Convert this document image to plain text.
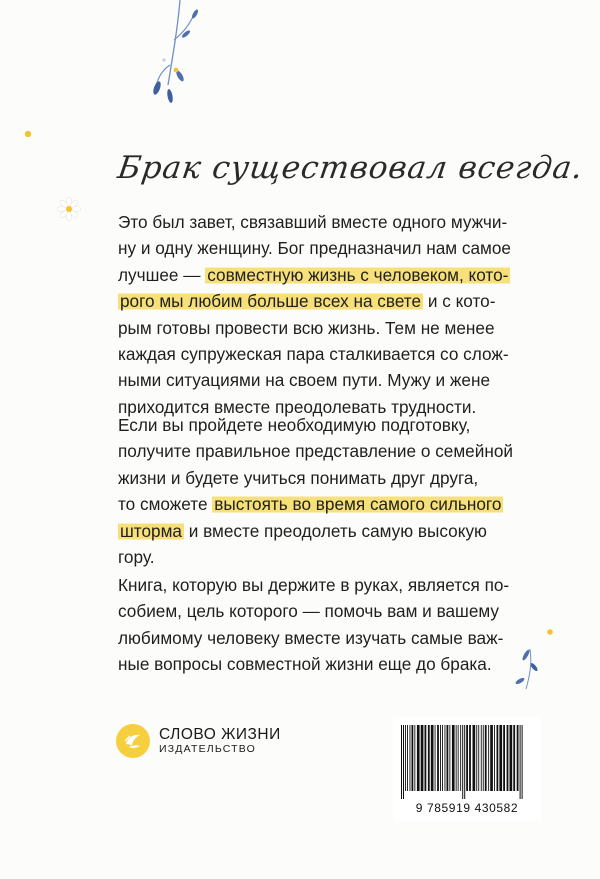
Брак существовал всегда.
Это был завет, связавший вместе одного мужчи-
ну и одну женщину. Бог предназначил нам самое
лучшее — совместную жизнь с человеком, кото-
рого мы любим больше всех на свете и с кото-
рым готовы провести всю жизнь. Тем не менее
каждая супружеская пара сталкивается со слож-
ными ситуациями на своем пути. Мужу и жене
приходится вместе преодолевать трудности.
Если вы пройдете необходимую подготовку,
получите правильное представление о семейной
жизни и будете учиться понимать друг друга,
то сможете выстоять во время самого сильного
шторма и вместе преодолеть самую высокую
гору.
Книга, которую вы держите в руках, является по-
собием, цель которого — помочь вам и вашему
любимому человеку вместе изучать самые важ-
ные вопросы совместной жизни еще до брака.
СЛОВО ЖИЗНИ
ИЗДАТЕЛЬСТВО
9 785919 430582
